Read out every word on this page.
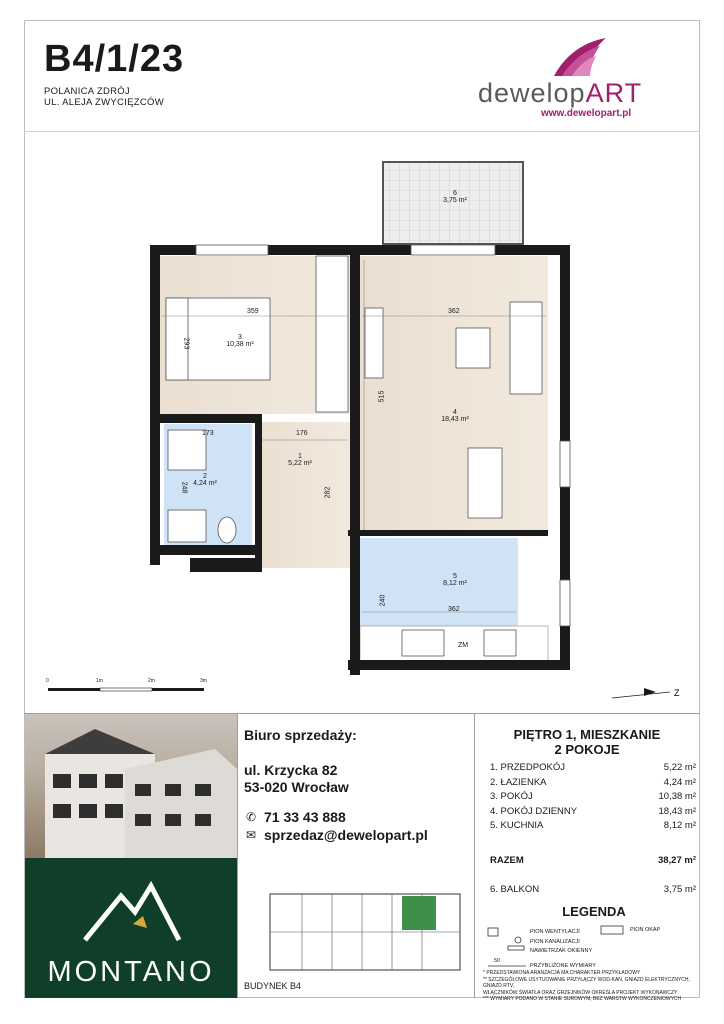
B4/1/23
POLANICA ZDRÓJ
UL. ALEJA ZWYCIĘZCÓW	dewelopART
www.dewelopart.pl
3
10,38 m²
2
4,24 m²
1
5,22 m²
4
18,43 m²
5
8,12 m²
6
3,75 m²
359	362
293
173	176
248	282
515
240
362
ZM
0	1m	2m	3m
Z
MONTANO
Biuro sprzedaży:
ul. Krzycka 82
53-020 Wrocław
✆ 71 33 43 888
✉ sprzedaz@dewelopart.pl
BUDYNEK B4
PIĘTRO 1, MIESZKANIE
2 POKOJE
1. PRZEDPOKÓJ	5,22 m²
2. ŁAZIENKA	4,24 m²
3. POKÓJ	10,38 m²
4. POKÓJ DZIENNY	18,43 m²
5. KUCHNIA	8,12 m²
RAZEM	38,27 m²
6. BALKON	3,75 m²
LEGENDA
PION WENTYLACJI
PION KANALIZACJI
NAWIETRZAK OKIENNY
PRZYBLIŻONE WYMIARY
PION OKAP
50
* PRZEDSTAWIONA ARANŻACJA MA CHARAKTER PRZYKŁADOWY
** SZCZEGÓŁOWE USYTUOWANIE PRZYŁĄCZY WOD-KAN, GNIAZD ELEKTRYCZNYCH, GNIAZD RTV,
WŁĄCZNIKÓW ŚWIATŁA ORAZ GRZEJNIKÓW OKREŚLA PROJEKT WYKONAWCZY
*** WYMIARY PODANO W STANIE SUROWYM, BEZ WARSTW WYKOŃCZENIOWYCH
